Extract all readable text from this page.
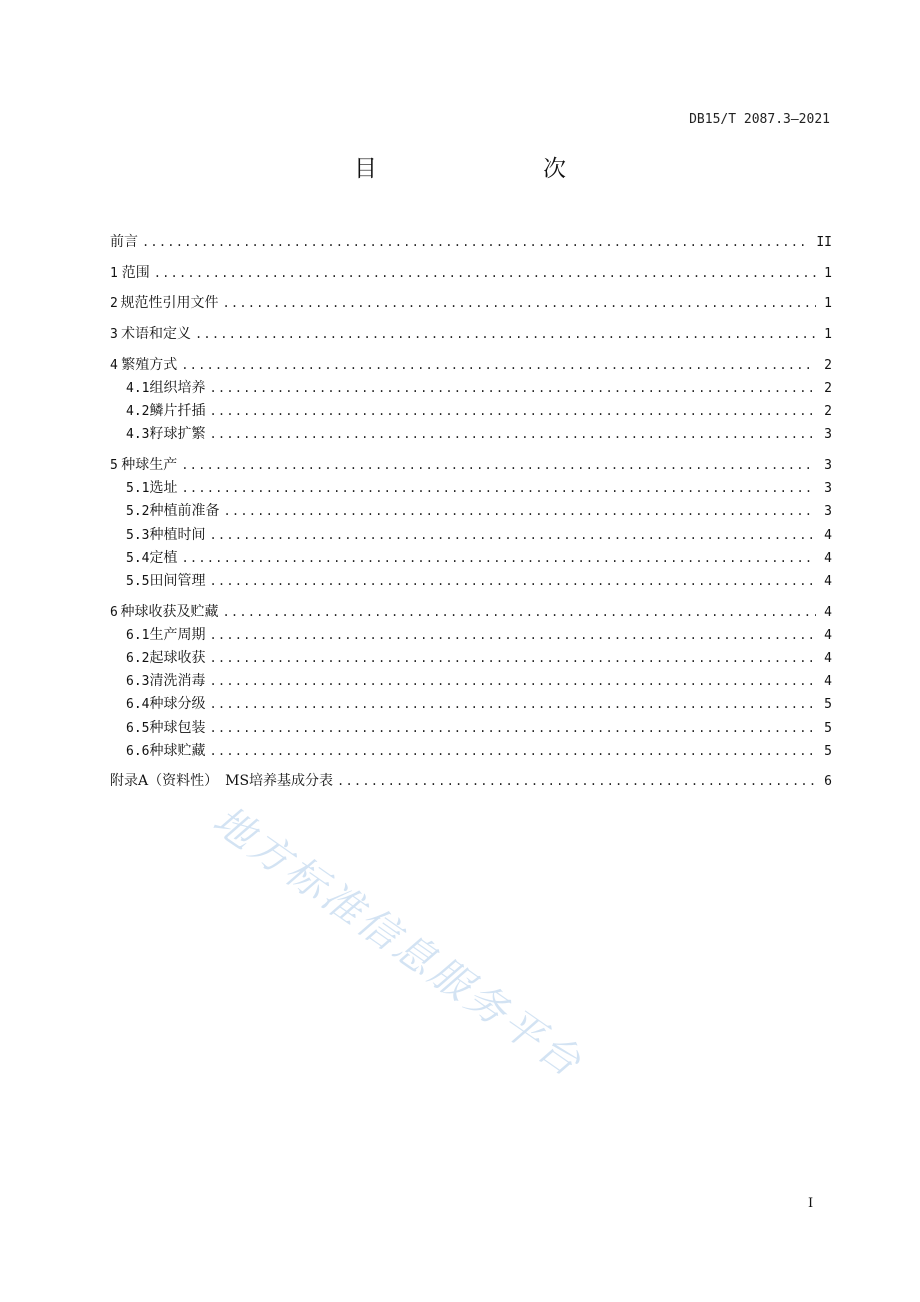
DB15/T 2087.3—2021
目　　次
前言 .....	II
1 范围 .....	1
2 规范性引用文件 .....	1
3 术语和定义 .....	1
4 繁殖方式 .....	2
4.1 组织培养 .....	2
4.2 鳞片扦插 .....	2
4.3 籽球扩繁 .....	3
5 种球生产 .....	3
5.1 选址 .....	3
5.2 种植前准备 .....	3
5.3 种植时间 .....	4
5.4 定植 .....	4
5.5 田间管理 .....	4
6 种球收获及贮藏 .....	4
6.1 生产周期 .....	4
6.2 起球收获 .....	4
6.3 清洗消毒 .....	4
6.4 种球分级 .....	5
6.5 种球包装 .....	5
6.6 种球贮藏 .....	5
附录A（资料性）　MS培养基成分表 .....	6
地方标准信息服务平台
I
